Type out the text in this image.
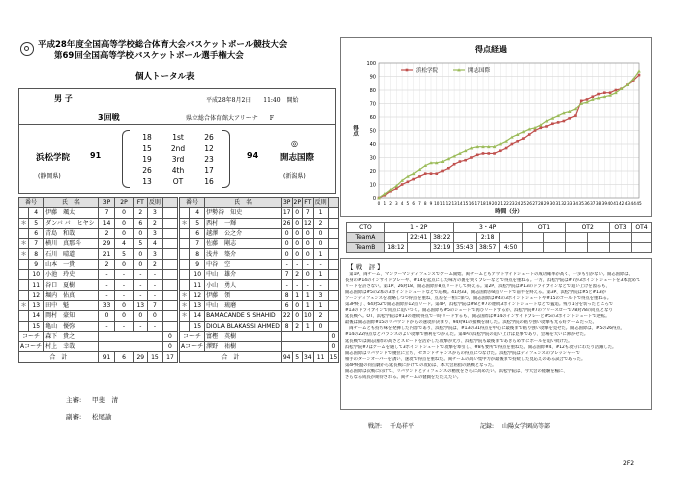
平成28年度全国高等学校総合体育大会バスケットボール競技大会
第69回全国高等学校バスケットボール選手権大会
個人トータル表
男 子	平成28年8月2日　　11:40　開始
3回戦	県立総合体育館大アリーナ　　F
浜松学院
(静岡県)
91
18	1st	26
15	2nd	12
19	3rd	23
26	4th	17
13	OT	16
94
◎
開志国際
(新潟県)
番号		氏　名	3P	2P	FT	反則	
	4	伊藤　颯太	7	0	2	3	
＊	5	ダンバ バ　ヒヤシ	14	0	6	2	
	6	青島　和哉	2	0	0	3	
＊	7	横川　真那斗	29	4	5	4	
＊	8	石川　晴道	21	5	0	3	
	9	山本　一貴	2	0	0	2	
	10	小池　玲史	-	-	-	-	
	11	谷口　夏樹	-	-	-	-	
	12	堀内　佑真	-	-	-	-	
＊	13	田中　魁	33	0	13	7	
	14	岡村　豪知	0	0	0	0	
	15	亀山　優弥	-	-	-	-	
コーチ		森下　貴之					0
Aコーチ		村上　幸哉					0
合　計			91	6	29	15	17
番号		氏　名	3P	2P	FT	反則	
	4	伊勢谷　知史	17	0	7	1	
＊	5	西村　一輝	26	0	12	2	
	6	越澤　公之介	0	0	0	0	
	7	佐藤　剛志	0	0	0	0	
	8	浅井　築介	0	0	0	1	
	9	中谷　空	-	-	-	-	
	10	中山　雄介	7	2	0	1	
	11	小山　勇人	-	-	-	-	
＊	12	伊藤　領	8	1	1	3	
＊	13	中山　琉磨	6	0	1	1	
＊	14	BAMACANDE S SHAHID	22	0	10	2	
	15	DIOLA BLAKASSI AHMED	8	2	1	0	
コーチ		富樫　英樹					0
Aコーチ		澤野　祐樹					0
合　計			94	5	34	11	15
主審: 甲斐　清
副審: 松尾諭
得点経過
0
10
20
30
40
50
60
70
80
90
100
0 1 2 3 4 5 6 7 8 9 10 11 12 13 14 15 16 17 18 19 20 21 22 23 24 25 26 27 28 29 30 31 32 33 34 35 36 37 38 39 40 41 42 43 44 45
時間（分）
得点
浜松学院	開志国際
CTO	1・2P			3・4P			OT1		OT2		OT3	OT4
TeamA		22:41	38:22		2:18							
TeamB	18:12		32:19	35:43	38:57	4:50						
【 戦　評 】
　第1P、両チーム、マンツーマンディフェンスでゲーム開始。両チームともアウトサイドシュートの成功確率が高く、一歩も引かない。開志国際は、
長身の#14のインサイドプレーや、#14を起点にした味方の裏を突くプレーなどで得点を重ねる。一方、浜松学院は#7が3ポイントシュートを3本沈めて
リードを許さない。第1P、26対18、開志国際が8点リードして終える。第2P、浜松学院は#13のドライブインなどで追い上げを図るも、
開志国際は#5の2本の3ポイントシュートなどで応戦。41対33、開志国際が8点リードで前半を終える。第3P、浜松学院は#5と#13が
ゾーンディフェンスを攻略しつつ得点を重ね、点差を一桁に保つ。開志国際は#4の3ポイントシュートや#15のゴール下で得点を重ねる。
第3P終了、64対52で開志国際が12点リード。第4P、浜松学院は#8と#7の連続3ポイントシュートなどで猛追。残り1分を切ったところで
#13のドライブインで同点に追いつく。開志国際も#5のシュートで再びリードするが、浜松学院#7のフリースローで78対78の同点となり
延長戦へ。OT、浜松学院は#13の連続得点で一時リードするも、開志国際は#14のインサイドプレーと#5の3ポイントシュートで逆転。
最後は開志国際#15のリバウンドからの速攻が決まり、94対91の接戦を制した。浜松学院の粘り強い攻撃も光る好ゲームだった。
　両チームとも持ち味を発揮した内容であり、浜松学院は、#13の31得点を中心に最後まで粘り強い攻撃を見せた。開志国際は、#5の26得点、
#14の22得点などバランスのよい攻撃で勝利をつかんだ。第4Pの浜松学院の追い上げは見事であり、会場を大いに沸かせた。
延長戦では開志国際の高さとスピードを活かした攻撃が光り、浜松学院も最後まであきらめずにボールを追い続けた。
浜松学院#7はゲームを通して3ポイントシュートで攻撃を牽引し、#8も要所で得点を重ねた。開志国際#4、#12も攻守にわたり活躍した。
開志国際はリバウンドで優位に立ち、セカンドチャンスからの得点につなげた。浜松学院はディフェンスのプレッシャーで
相手のターンオーバーを誘い、速攻で得点を重ねた。両チームの高い集中力が最後まで持続した見応えのある試合であった。
第4P終盤の同点劇から延長戦にかけての攻防は、本大会屈指の熱戦となった。
開志国際は次戦に向けて、リバウンドとディフェンスの精度をさらに高めたい。浜松学院は、今大会の経験を糧に、
さらなる成長が期待される。両チームの健闘をたたえたい。

戦評: 千島祥平	記録: 山陽女学園高等部
2F2
